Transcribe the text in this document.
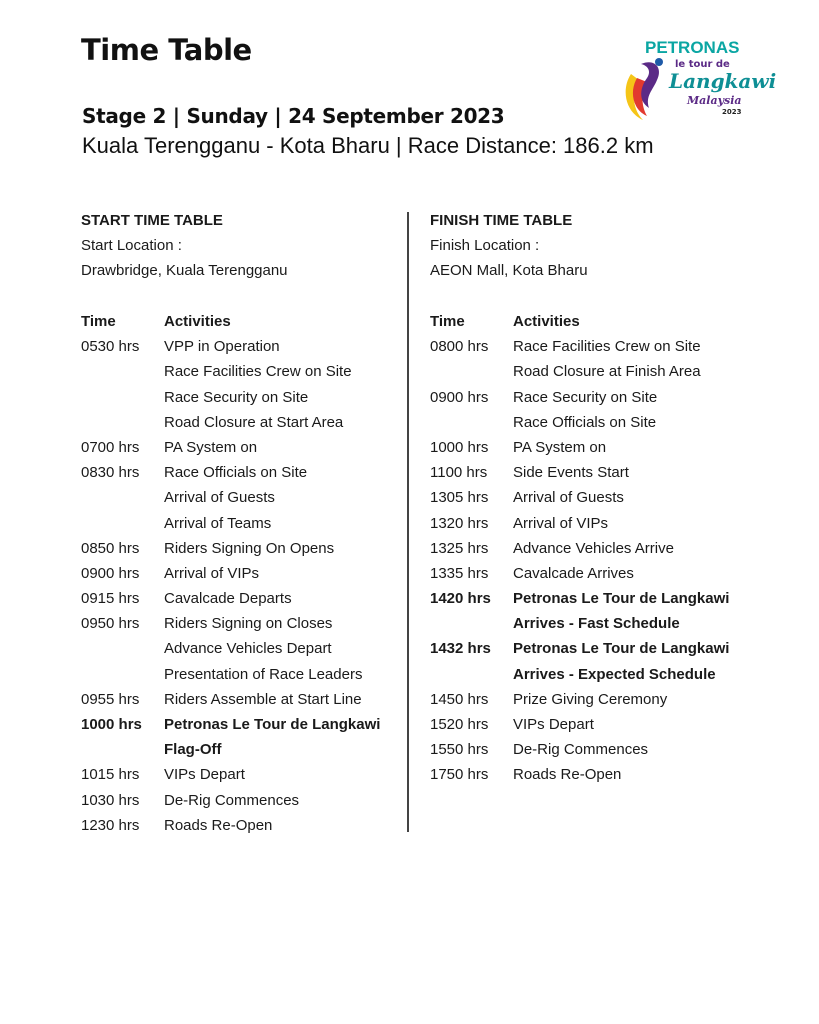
Time Table
Stage 2 | Sunday | 24 September 2023
Kuala Terengganu - Kota Bharu | Race Distance: 186.2 km
PETRONAS
le tour de
Langkawi
Malaysia
2023
START TIME TABLE
Start Location :
Drawbridge, Kuala Terengganu
Time	Activities
0530 hrs	VPP in Operation
Race Facilities Crew on Site
Race Security on Site
Road Closure at Start Area
0700 hrs	PA System on
0830 hrs	Race Officials on Site
Arrival of Guests
Arrival of Teams
0850 hrs	Riders Signing On Opens
0900 hrs	Arrival of VIPs
0915 hrs	Cavalcade Departs
0950 hrs	Riders Signing on Closes
Advance Vehicles Depart
Presentation of Race Leaders
0955 hrs	Riders Assemble at Start Line
1000 hrs	Petronas Le Tour de Langkawi
Flag-Off
1015 hrs	VIPs Depart
1030 hrs	De-Rig Commences
1230 hrs	Roads Re-Open
FINISH TIME TABLE
Finish Location :
AEON Mall, Kota Bharu
Time	Activities
0800 hrs	Race Facilities Crew on Site
Road Closure at Finish Area
0900 hrs	Race Security on Site
Race Officials on Site
1000 hrs	PA System on
1100 hrs	Side Events Start
1305 hrs	Arrival of Guests
1320 hrs	Arrival of VIPs
1325 hrs	Advance Vehicles Arrive
1335 hrs	Cavalcade Arrives
1420 hrs	Petronas Le Tour de Langkawi
Arrives - Fast Schedule
1432 hrs	Petronas Le Tour de Langkawi
Arrives - Expected Schedule
1450 hrs	Prize Giving Ceremony
1520 hrs	VIPs Depart
1550 hrs	De-Rig Commences
1750 hrs	Roads Re-Open
